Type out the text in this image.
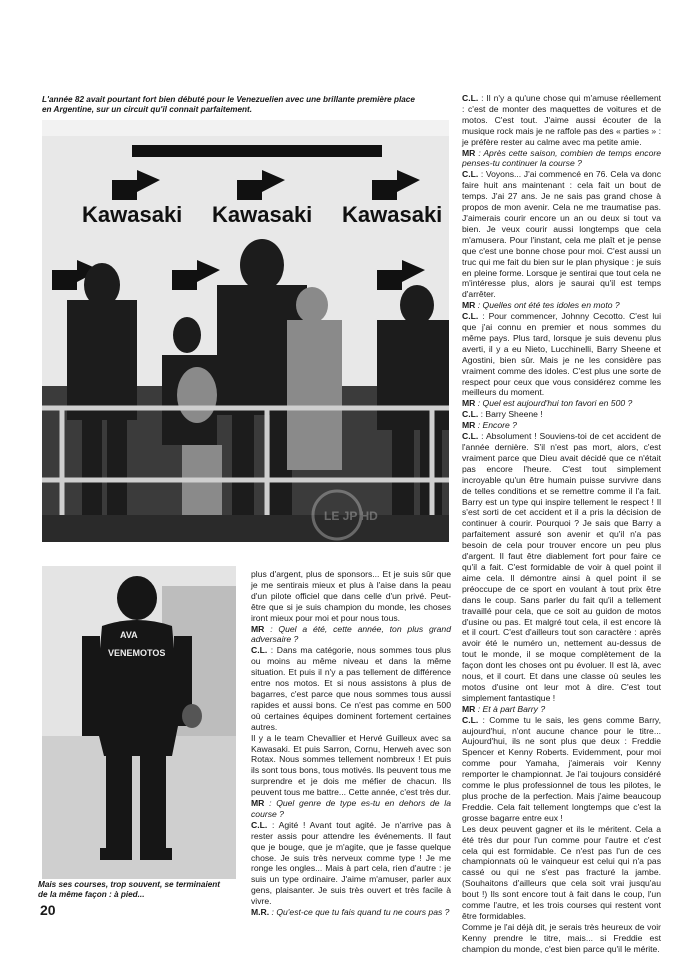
L'année 82 avait pourtant fort bien débuté pour le Venezuelien avec une brillante première place
en Argentine, sur un circuit qu'il connait parfaitement.
Kawasaki Kawasaki Kawasaki
LE JP HD
AVA
VENEMOTOS
Mais ses courses, trop souvent, se terminaient
de la même façon : à pied...
20

plus d'argent, plus de sponsors... Et je suis sûr que je me sentirais mieux et plus à l'aise dans la peau d'un pilote officiel que dans celle d'un privé. Peut-être que si je suis champion du monde, les choses iront mieux pour moi et pour nous tous.

MR : Quel a été, cette année, ton plus grand adversaire ?

C.L. : Dans ma catégorie, nous sommes tous plus ou moins au même niveau et dans la même situation. Et puis il n'y a pas tellement de différence entre nos motos. Et si nous assistons à plus de bagarres, c'est parce que nous sommes tous aussi rapides et aussi bons. Ce n'est pas comme en 500 où certaines équipes dominent fortement certaines autres.

Il y a le team Chevallier et Hervé Guilleux avec sa Kawasaki. Et puis Sarron, Cornu, Herweh avec son Rotax. Nous sommes tellement nombreux ! Et puis ils sont tous bons, tous motivés. Ils peuvent tous me surprendre et je dois me méfier de chacun. Ils peuvent tous me battre... Cette année, c'est très dur.

MR : Quel genre de type es-tu en dehors de la course ?

C.L. : Agité ! Avant tout agité. Je n'arrive pas à rester assis pour attendre les événements. Il faut que je bouge, que je m'agite, que je fasse quelque chose. Je suis très nerveux comme type ! Je me ronge les ongles... Mais à part cela, rien d'autre : je suis un type ordinaire. J'aime m'amuser, parler aux gens, plaisanter. Je suis très ouvert et très facile à vivre.

M.R. : Qu'est-ce que tu fais quand tu ne cours pas ?

C.L. : Il n'y a qu'une chose qui m'amuse réellement : c'est de monter des maquettes de voitures et de motos. C'est tout. J'aime aussi écouter de la musique rock mais je ne raffole pas des « parties » : je préfère rester au calme avec ma petite amie.

MR : Après cette saison, combien de temps encore penses-tu continuer la course ?

C.L. : Voyons... J'ai commencé en 76. Cela va donc faire huit ans maintenant : cela fait un bout de temps. J'ai 27 ans. Je ne sais pas grand chose à propos de mon avenir. Cela ne me traumatise pas. J'aimerais courir encore un an ou deux si tout va bien. Je veux courir aussi longtemps que cela m'amusera. Pour l'instant, cela me plaît et je pense que c'est une bonne chose pour moi. C'est aussi un truc qui me fait du bien sur le plan physique : je suis en pleine forme. Lorsque je sentirai que tout cela ne m'intéresse plus, alors je saurai qu'il est temps d'arrêter.

MR : Quelles ont été tes idoles en moto ?

C.L. : Pour commencer, Johnny Cecotto. C'est lui que j'ai connu en premier et nous sommes du même pays. Plus tard, lorsque je suis devenu plus averti, il y a eu Nieto, Lucchinelli, Barry Sheene et Agostini, bien sûr. Mais je ne les considère pas vraiment comme des idoles. C'est plus une sorte de respect pour ceux que vous considérez comme les meilleurs du moment.

MR : Quel est aujourd'hui ton favori en 500 ?

C.L. : Barry Sheene !

MR : Encore ?

C.L. : Absolument ! Souviens-toi de cet accident de l'année dernière. S'il n'est pas mort, alors, c'est vraiment parce que Dieu avait décidé que ce n'était pas encore l'heure. C'est tout simplement incroyable qu'un être humain puisse survivre dans de telles conditions et se remettre comme il l'a fait. Barry est un type qui inspire tellement le respect ! Il s'est sorti de cet accident et il a pris la décision de continuer à courir. Pourquoi ? Je sais que Barry a parfaitement assuré son avenir et qu'il n'a pas besoin de cela pour trouver encore un peu plus d'argent. Il faut être diablement fort pour faire ce qu'il a fait. C'est formidable de voir à quel point il aime cela. Il démontre ainsi à quel point il se préoccupe de ce sport en voulant à tout prix être dans le coup. Sans parler du fait qu'il a tellement travaillé pour cela, que ce soit au guidon de motos d'usine ou pas. Et malgré tout cela, il est encore là et il court. C'est d'ailleurs tout son caractère : après avoir été le numéro un, nettement au-dessus de tout le monde, il se moque complètement de la façon dont les choses ont pu évoluer. Il est là, avec nous, et il court. Et dans une classe où seules les motos d'usine ont leur mot à dire. C'est tout simplement fantastique !

MR : Et à part Barry ?

C.L. : Comme tu le sais, les gens comme Barry, aujourd'hui, n'ont aucune chance pour le titre... Aujourd'hui, ils ne sont plus que deux : Freddie Spencer et Kenny Roberts. Evidemment, pour moi comme pour Yamaha, j'aimerais voir Kenny remporter le championnat. Je l'ai toujours considéré comme le plus professionnel de tous les pilotes, le plus proche de la perfection. Mais j'aime beaucoup Freddie. Cela fait tellement longtemps que c'est la grosse bagarre entre eux !

Les deux peuvent gagner et ils le méritent. Cela a été très dur pour l'un comme pour l'autre et c'est cela qui est formidable. Ce n'est pas l'un de ces championnats où le vainqueur est celui qui n'a pas cassé ou qui ne s'est pas fracturé la jambe. (Souhaitons d'ailleurs que cela soit vrai jusqu'au bout !) Ils sont encore tout à fait dans le coup, l'un comme l'autre, et les trois courses qui restent vont être formidables.

Comme je l'ai déjà dit, je serais très heureux de voir Kenny prendre le titre, mais... si Freddie est champion du monde, c'est bien parce qu'il le mérite.
